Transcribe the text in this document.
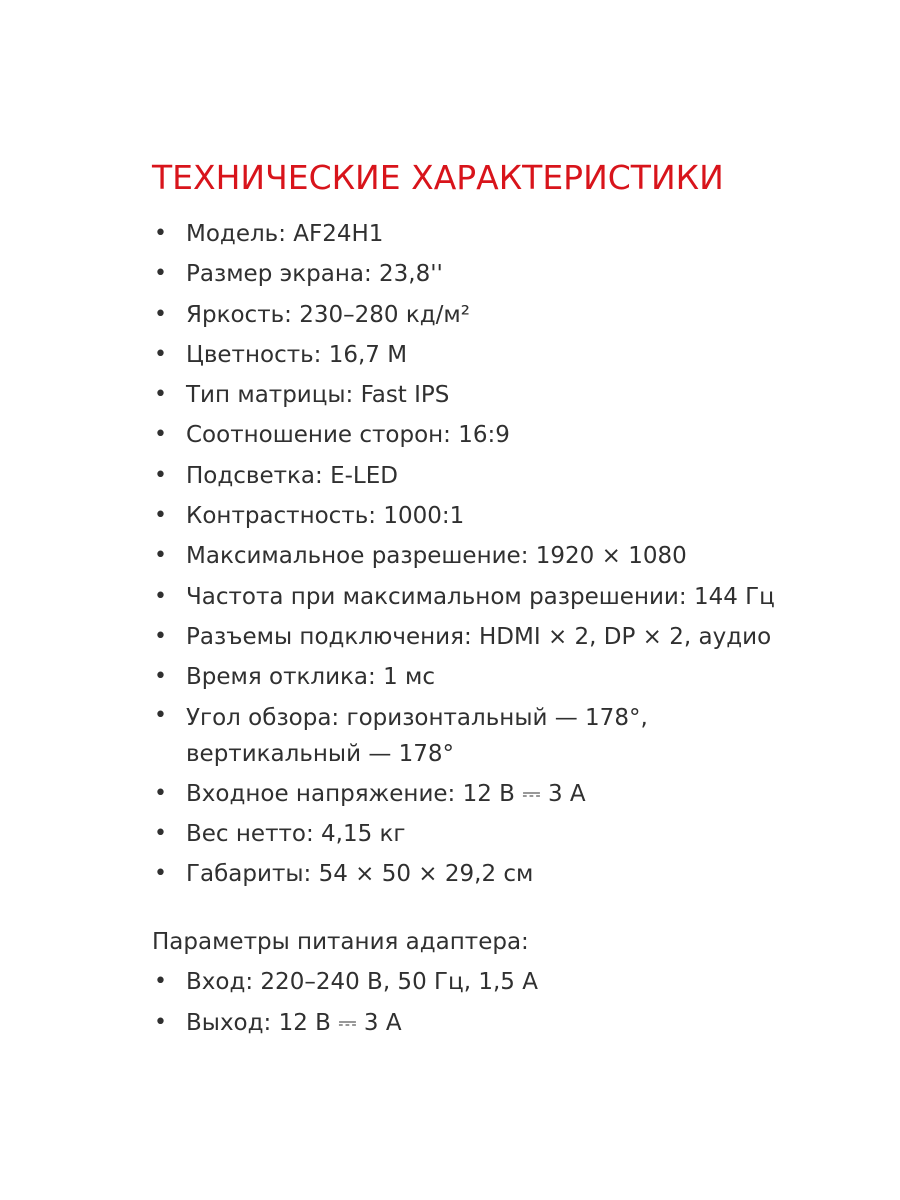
ТЕХНИЧЕСКИЕ ХАРАКТЕРИСТИКИ
• Модель: AF24H1
• Размер экрана: 23,8''
• Яркость: 230–280 кд/м²
• Цветность: 16,7 М
• Тип матрицы: Fast IPS
• Соотношение сторон: 16:9
• Подсветка: E-LED
• Контрастность: 1000:1
• Максимальное разрешение: 1920 × 1080
• Частота при максимальном разрешении: 144 Гц
• Разъемы подключения: HDMI × 2, DP × 2, аудио
• Время отклика: 1 мс
• Угол обзора: горизонтальный — 178°,
вертикальный — 178°
• Входное напряжение: 12 В ⎓ 3 А
• Вес нетто: 4,15 кг
• Габариты: 54 × 50 × 29,2 см
Параметры питания адаптера:
• Вход: 220–240 В, 50 Гц, 1,5 А
• Выход: 12 В ⎓ 3 А
